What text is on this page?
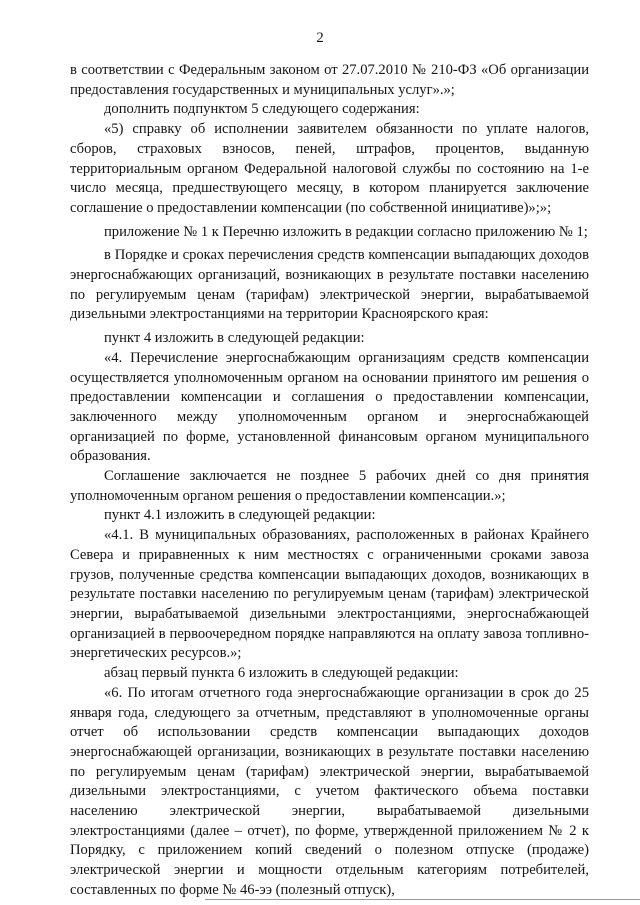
2

в соответствии с Федеральным законом от 27.07.2010 № 210-ФЗ «Об организации предоставления государственных и муниципальных услуг».»;

дополнить подпунктом 5 следующего содержания:

«5) справку об исполнении заявителем обязанности по уплате налогов, сборов, страховых взносов, пеней, штрафов, процентов, выданную территориальным органом Федеральной налоговой службы по состоянию на 1-е число месяца, предшествующего месяцу, в котором планируется заключение соглашение о предоставлении компенсации (по собственной инициативе)»;»;

приложение № 1 к Перечню изложить в редакции согласно приложению № 1;

в Порядке и сроках перечисления средств компенсации выпадающих доходов энергоснабжающих организаций, возникающих в результате поставки населению по регулируемым ценам (тарифам) электрической энергии, вырабатываемой дизельными электростанциями на территории Красноярского края:

пункт 4 изложить в следующей редакции:

«4. Перечисление энергоснабжающим организациям средств компенсации осуществляется уполномоченным органом на основании принятого им решения о предоставлении компенсации и соглашения о предоставлении компенсации, заключенного между уполномоченным органом и энергоснабжающей организацией по форме, установленной финансовым органом муниципального образования.

Соглашение заключается не позднее 5 рабочих дней со дня принятия уполномоченным органом решения о предоставлении компенсации.»;

пункт 4.1 изложить в следующей редакции:

«4.1. В муниципальных образованиях, расположенных в районах Крайнего Севера и приравненных к ним местностях с ограниченными сроками завоза грузов, полученные средства компенсации выпадающих доходов, возникающих в результате поставки населению по регулируемым ценам (тарифам) электрической энергии, вырабатываемой дизельными электростанциями, энергоснабжающей организацией в первоочередном порядке направляются на оплату завоза топливно-энергетических ресурсов.»;

абзац первый пункта 6 изложить в следующей редакции:

«6. По итогам отчетного года энергоснабжающие организации в срок до 25 января года, следующего за отчетным, представляют в уполномоченные органы отчет об использовании средств компенсации выпадающих доходов энергоснабжающей организации, возникающих в результате поставки населению по регулируемым ценам (тарифам) электрической энергии, вырабатываемой дизельными электростанциями, с учетом фактического объема поставки населению электрической энергии, вырабатываемой дизельными электростанциями (далее – отчет), по форме, утвержденной приложением № 2 к Порядку, с приложением копий сведений о полезном отпуске (продаже) электрической энергии и мощности отдельным категориям потребителей, составленных по форме № 46-ээ (полезный отпуск),
